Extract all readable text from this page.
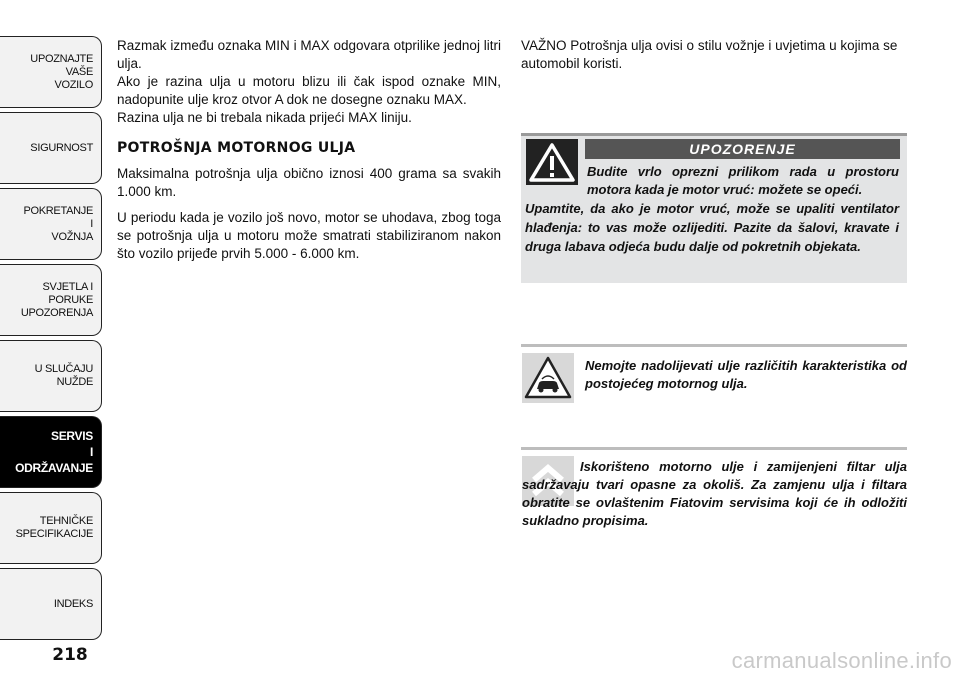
UPOZNAJTE
VAŠE
VOZILO
SIGURNOST
POKRETANJE
I
VOŽNJA
SVJETLA I
PORUKE
UPOZORENJA
U SLUČAJU
NUŽDE
SERVIS
I
ODRŽAVANJE
TEHNIČKE
SPECIFIKACIJE
INDEKS
218

Razmak između oznaka MIN i MAX odgovara otprilike jednoj litri ulja.

Ako je razina ulja u motoru blizu ili čak ispod oznake MIN, nadopunite ulje kroz otvor A dok ne dosegne oznaku MAX.

Razina ulja ne bi trebala nikada prijeći MAX liniju.

POTROŠNJA MOTORNOG ULJA

Maksimalna potrošnja ulja obično iznosi 400 grama sa svakih 1.000 km.

U periodu kada je vozilo još novo, motor se uhodava, zbog toga se potrošnja ulja u motoru može smatrati stabiliziranom nakon što vozilo prijeđe prvih 5.000 - 6.000 km.

VAŽNO Potrošnja ulja ovisi o stilu vožnje i uvjetima u kojima se automobil koristi.
UPOZORENJE
Budite vrlo oprezni prilikom rada u prostoru motora kada je motor vruć: možete se opeći.
Upamtite, da ako je motor vruć, može se upaliti ventilator hlađenja: to vas može ozlijediti. Pazite da šalovi, kravate i druga labava odjeća budu dalje od pokretnih objekata.
Nemojte nadolijevati ulje različitih karakteristika od postojećeg motornog ulja.
Iskorišteno motorno ulje i zamijenjeni filtar ulja sadržavaju tvari opasne za okoliš. Za zamjenu ulja i filtara obratite se ovlaštenim Fiatovim servisima koji će ih odložiti sukladno propisima.
carmanualsonline.info
